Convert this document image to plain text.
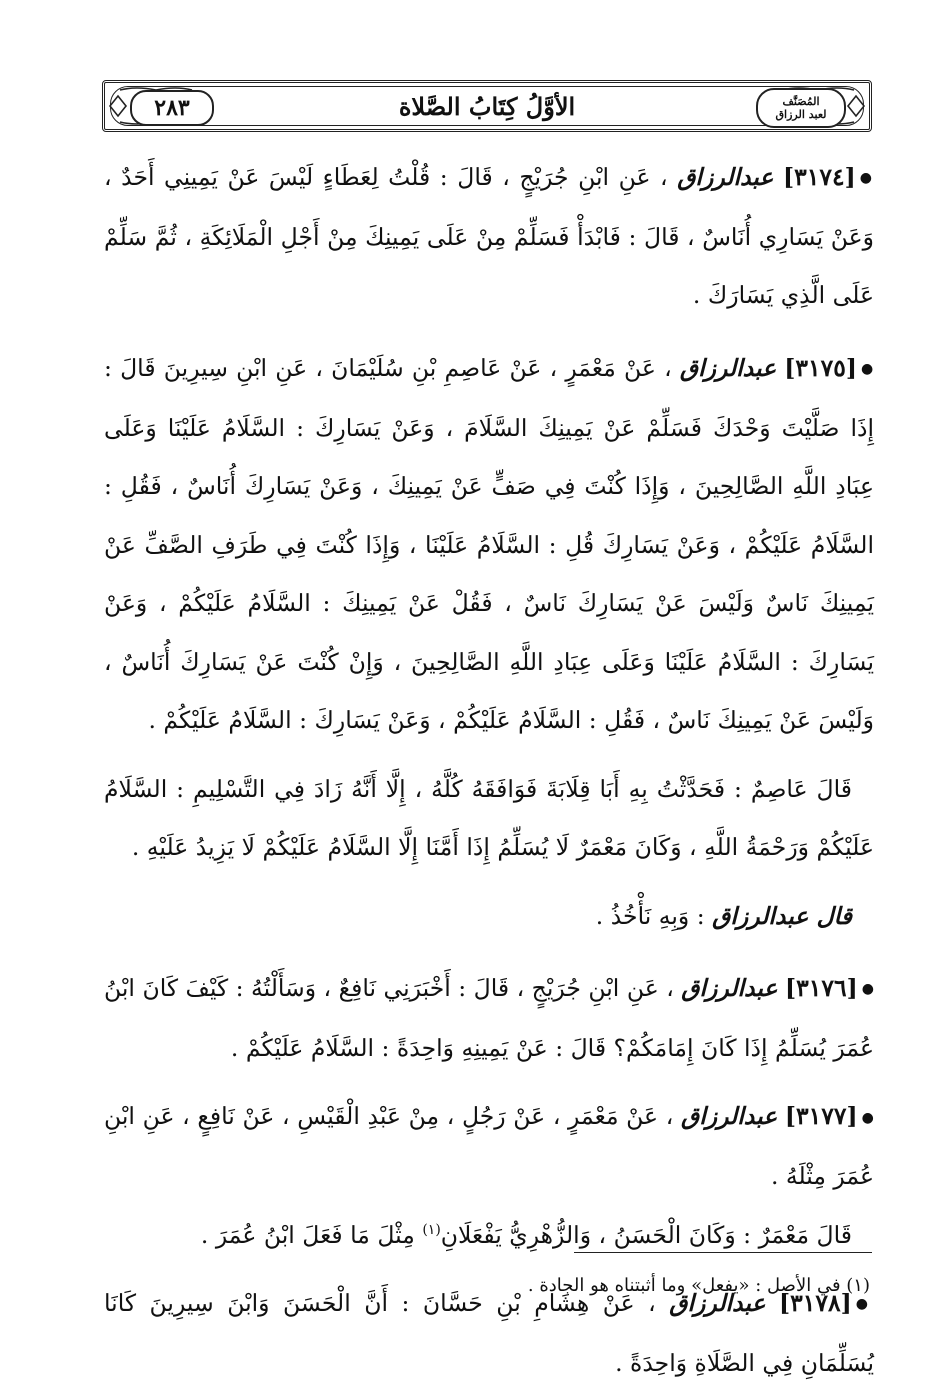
٢٨٣	الأوَّلُ كِتَابُ الصَّلاة	المُصَنَّف
لعبد الرزاق

●[٣١٧٤] عبدالرزاق ، عَنِ ابْنِ جُرَيْجٍ ، قَالَ : قُلْتُ لِعَطَاءٍ لَيْسَ عَنْ يَمِينِي أَحَدٌ ، وَعَنْ يَسَارِي أُنَاسٌ ، قَالَ : فَابْدَأْ فَسَلِّمْ مِنْ عَلَى يَمِينِكَ مِنْ أَجْلِ الْمَلَائِكَةِ ، ثُمَّ سَلِّمْ عَلَى الَّذِي يَسَارَكَ .

●[٣١٧٥] عبدالرزاق ، عَنْ مَعْمَرٍ ، عَنْ عَاصِمِ بْنِ سُلَيْمَانَ ، عَنِ ابْنِ سِيرِينَ قَالَ : إِذَا صَلَّيْتَ وَحْدَكَ فَسَلِّمْ عَنْ يَمِينِكَ السَّلَامَ ، وَعَنْ يَسَارِكَ : السَّلَامُ عَلَيْنَا وَعَلَى عِبَادِ اللَّهِ الصَّالِحِينَ ، وَإِذَا كُنْتَ فِي صَفٍّ عَنْ يَمِينِكَ ، وَعَنْ يَسَارِكَ أُنَاسٌ ، فَقُلِ : السَّلَامُ عَلَيْكُمْ ، وَعَنْ يَسَارِكَ قُلِ : السَّلَامُ عَلَيْنَا ، وَإِذَا كُنْتَ فِي طَرَفِ الصَّفِّ عَنْ يَمِينِكَ نَاسٌ وَلَيْسَ عَنْ يَسَارِكَ نَاسٌ ، فَقُلْ عَنْ يَمِينِكَ : السَّلَامُ عَلَيْكُمْ ، وَعَنْ يَسَارِكَ : السَّلَامُ عَلَيْنَا وَعَلَى عِبَادِ اللَّهِ الصَّالِحِينَ ، وَإِنْ كُنْتَ عَنْ يَسَارِكَ أُنَاسٌ ، وَلَيْسَ عَنْ يَمِينِكَ نَاسٌ ، فَقُلِ : السَّلَامُ عَلَيْكُمْ ، وَعَنْ يَسَارِكَ : السَّلَامُ عَلَيْكُمْ .

قَالَ عَاصِمٌ : فَحَدَّثْتُ بِهِ أَبَا قِلَابَةَ فَوَافَقَهُ كُلَّهُ ، إِلَّا أَنَّهُ زَادَ فِي التَّسْلِيمِ : السَّلَامُ عَلَيْكُمْ وَرَحْمَةُ اللَّهِ ، وَكَانَ مَعْمَرٌ لَا يُسَلِّمُ إِذَا أَمَّنَا إِلَّا السَّلَامُ عَلَيْكُمْ لَا يَزِيدُ عَلَيْهِ .

قال عبدالرزاق : وَبِهِ نَأْخُذُ .

●[٣١٧٦] عبدالرزاق ، عَنِ ابْنِ جُرَيْجٍ ، قَالَ : أَخْبَرَنِي نَافِعٌ ، وَسَأَلْتُهُ : كَيْفَ كَانَ ابْنُ عُمَرَ يُسَلِّمُ إِذَا كَانَ إِمَامَكُمْ؟ قَالَ : عَنْ يَمِينِهِ وَاحِدَةً : السَّلَامُ عَلَيْكُمْ .

●[٣١٧٧] عبدالرزاق ، عَنْ مَعْمَرٍ ، عَنْ رَجُلٍ ، مِنْ عَبْدِ الْقَيْسِ ، عَنْ نَافِعٍ ، عَنِ ابْنِ عُمَرَ مِثْلَهُ .

قَالَ مَعْمَرٌ : وَكَانَ الْحَسَنُ ، وَالزُّهْرِيُّ يَفْعَلَانِ$^{(١)}$ مِثْلَ مَا فَعَلَ ابْنُ عُمَرَ .

●[٣١٧٨] عبدالرزاق ، عَنْ هِشَامِ بْنِ حَسَّانَ : أَنَّ الْحَسَنَ وَابْنَ سِيرِينَ كَانَا يُسَلِّمَانِ فِي الصَّلَاةِ وَاحِدَةً .

(١) في الأصل : «يفعل» وما أثبتناه هو الجادة .
